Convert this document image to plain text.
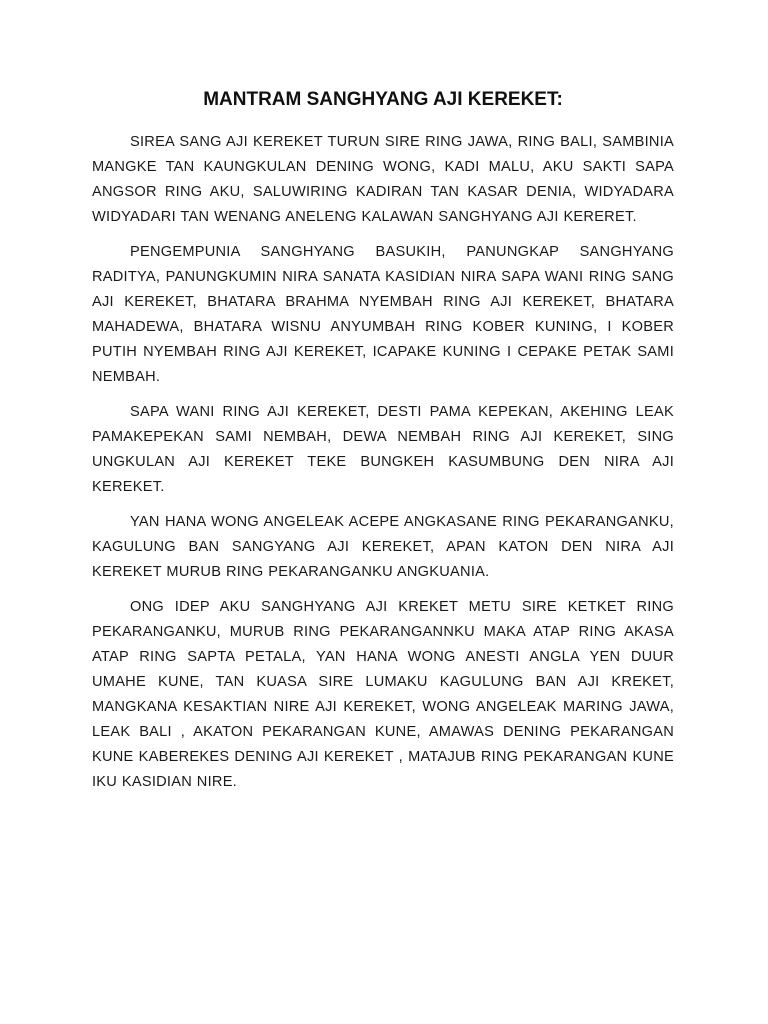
MANTRAM SANGHYANG AJI KEREKET:

SIREA SANG AJI KEREKET TURUN SIRE RING JAWA, RING BALI, SAMBINIA MANGKE TAN KAUNGKULAN DENING WONG, KADI MALU, AKU SAKTI SAPA ANGSOR RING AKU, SALUWIRING KADIRAN TAN KASAR DENIA, WIDYADARA WIDYADARI TAN WENANG ANELENG KALAWAN SANGHYANG AJI KERERET.

PENGEMPUNIA SANGHYANG BASUKIH, PANUNGKAP SANGHYANG RADITYA, PANUNGKUMIN NIRA SANATA KASIDIAN NIRA SAPA WANI RING SANG AJI KEREKET, BHATARA BRAHMA NYEMBAH RING AJI KEREKET, BHATARA MAHADEWA, BHATARA WISNU ANYUMBAH RING KOBER KUNING, I KOBER PUTIH NYEMBAH RING AJI KEREKET, ICAPAKE KUNING I CEPAKE PETAK SAMI NEMBAH.

SAPA WANI RING AJI KEREKET, DESTI PAMA KEPEKAN, AKEHING LEAK PAMAKEPEKAN SAMI NEMBAH, DEWA NEMBAH RING AJI KEREKET, SING UNGKULAN AJI KEREKET TEKE BUNGKEH KASUMBUNG DEN NIRA AJI KEREKET.

YAN HANA WONG ANGELEAK ACEPE ANGKASANE RING PEKARANGANKU, KAGULUNG BAN SANGYANG AJI KEREKET, APAN KATON DEN NIRA AJI KEREKET MURUB RING PEKARANGANKU ANGKUANIA.

ONG IDEP AKU SANGHYANG AJI KREKET METU SIRE KETKET RING PEKARANGANKU, MURUB RING PEKARANGANNKU MAKA ATAP RING AKASA ATAP RING SAPTA PETALA, YAN HANA WONG ANESTI ANGLA YEN DUUR UMAHE KUNE, TAN KUASA SIRE LUMAKU KAGULUNG BAN AJI KREKET, MANGKANA KESAKTIAN NIRE AJI KEREKET, WONG ANGELEAK MARING JAWA, LEAK BALI , AKATON PEKARANGAN KUNE, AMAWAS DENING PEKARANGAN KUNE KABEREKES DENING AJI KEREKET , MATAJUB RING PEKARANGAN KUNE IKU KASIDIAN NIRE.
